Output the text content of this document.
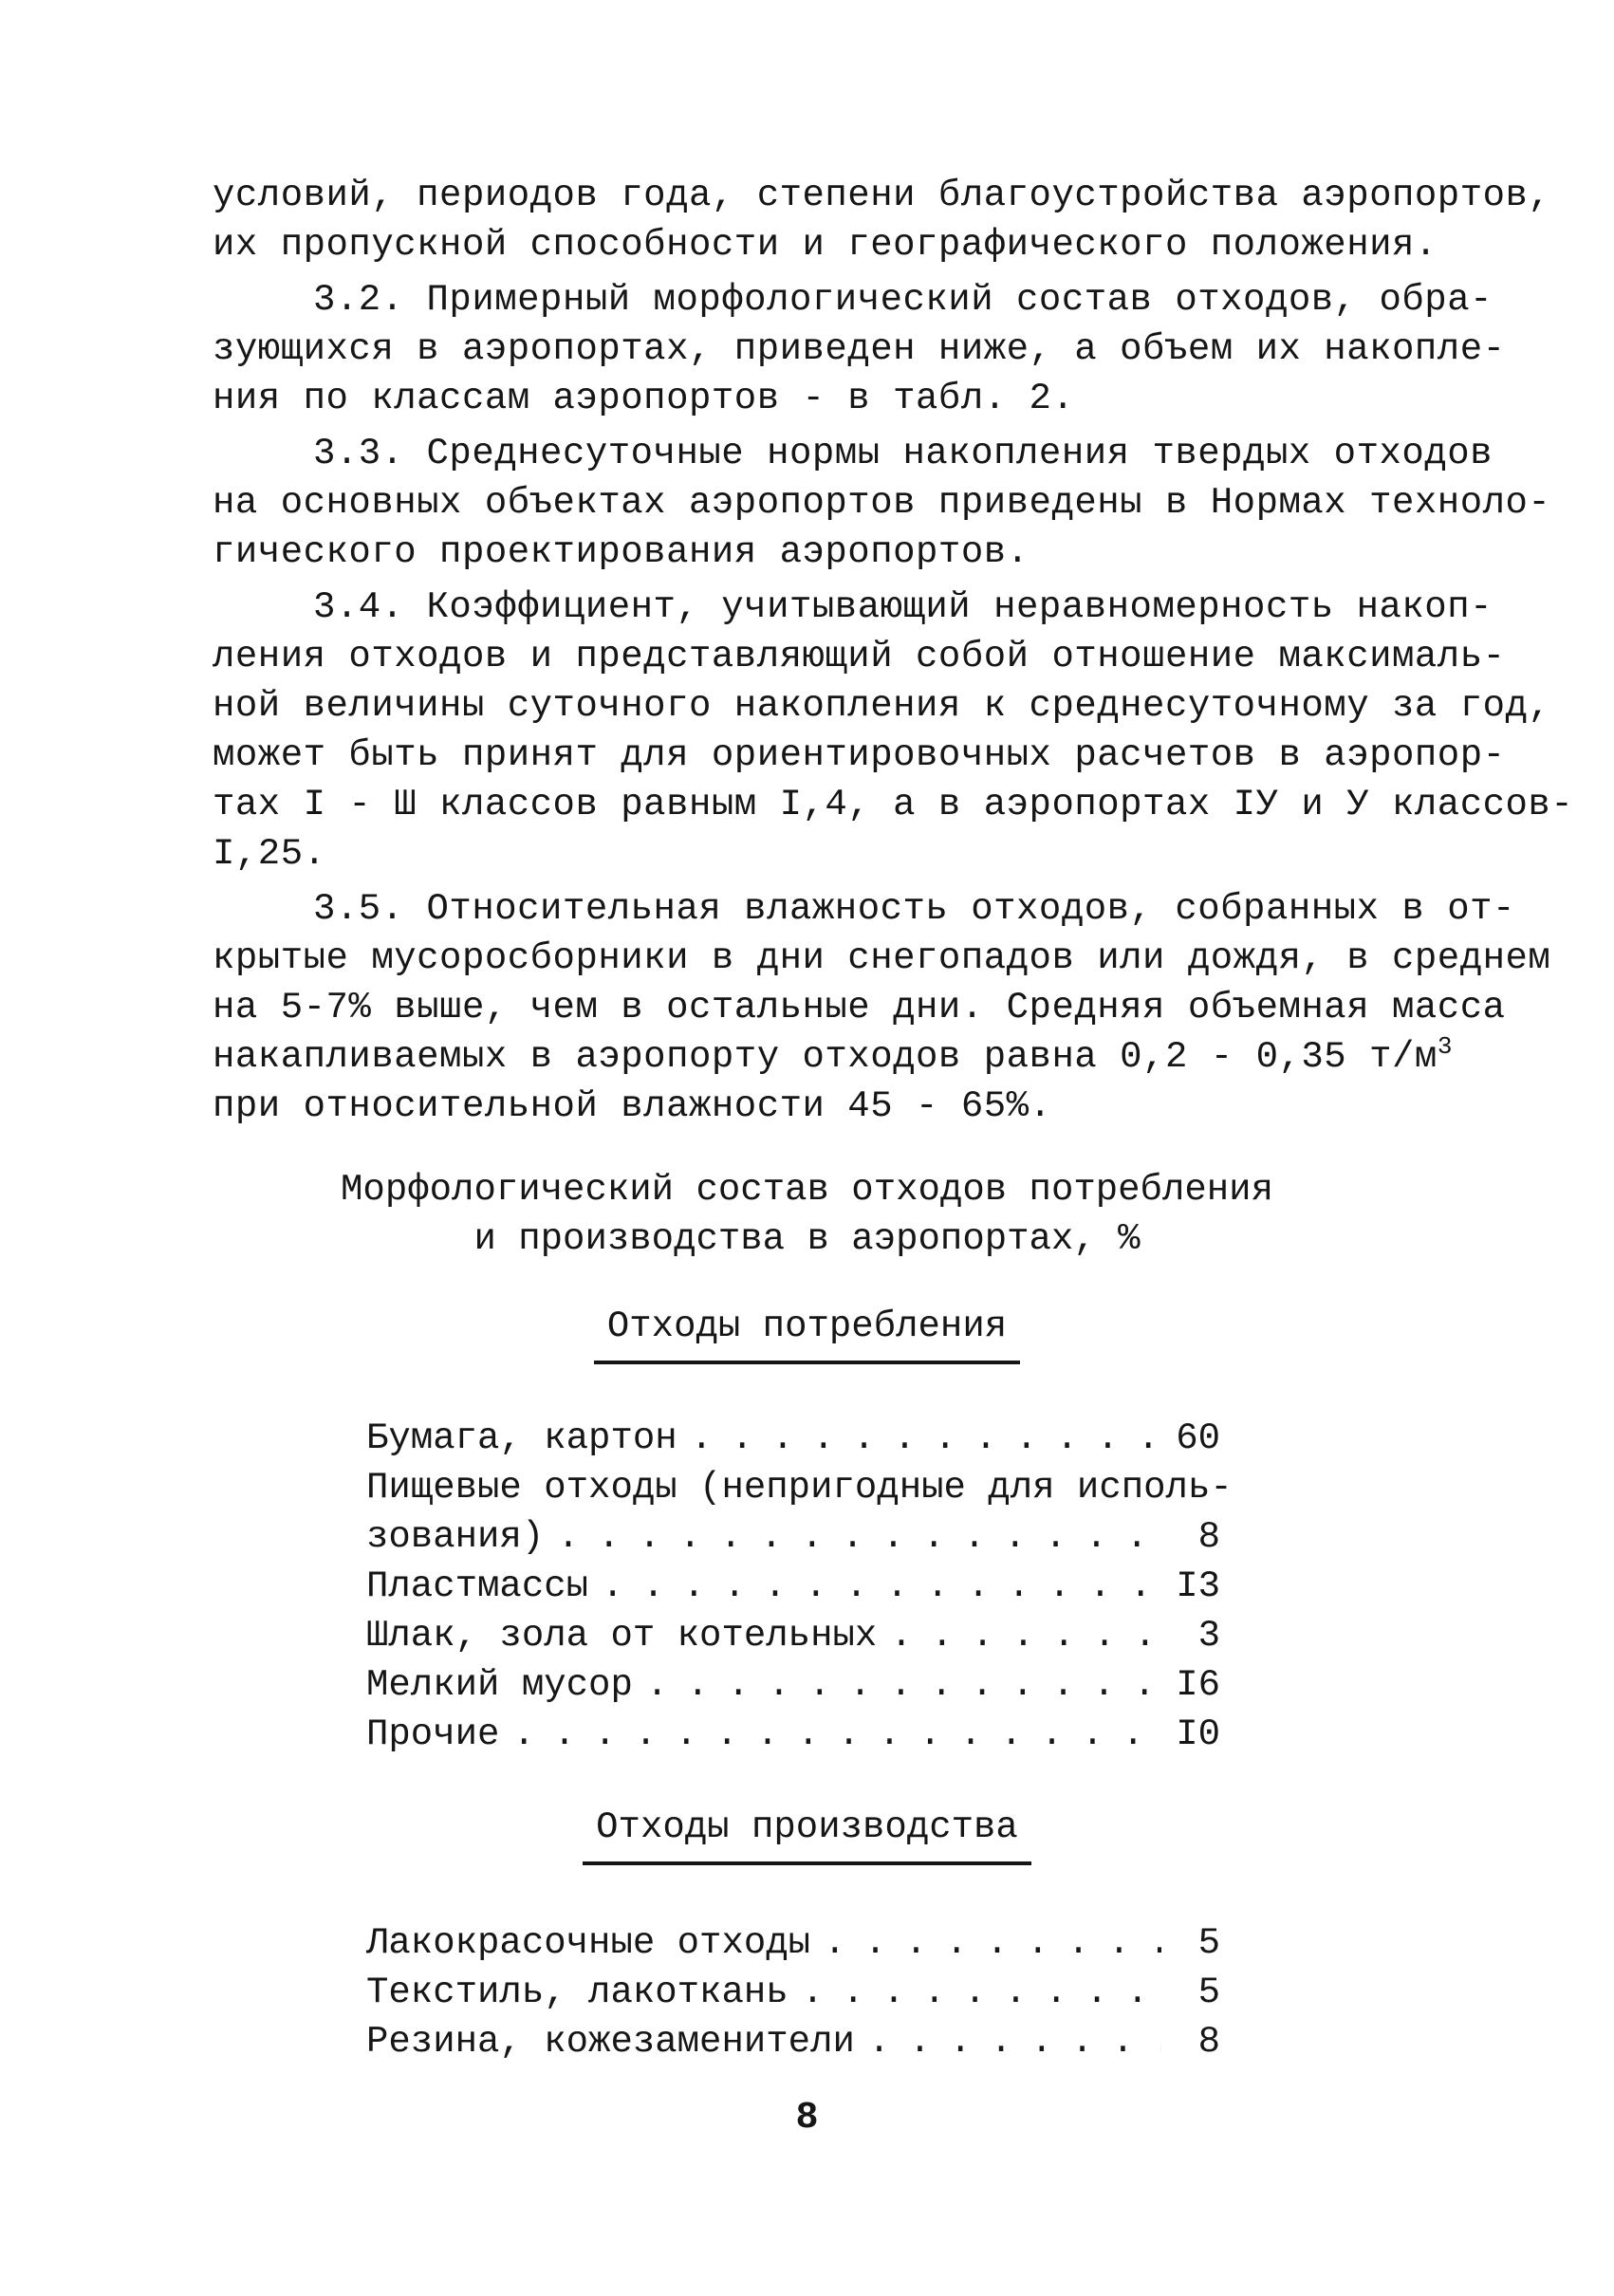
условий, периодов года, степени благоустройства аэропортов,
их пропускной способности и географического положения.
3.2. Примерный морфологический состав отходов, обра-
зующихся в аэропортах, приведен ниже, а объем их накопле-
ния по классам аэропортов - в табл. 2.
3.3. Среднесуточные нормы накопления твердых отходов
на основных объектах аэропортов приведены в Нормах техноло-
гического проектирования аэропортов.
3.4. Коэффициент, учитывающий неравномерность накоп-
ления отходов и представляющий собой отношение максималь-
ной величины суточного накопления к среднесуточному за год,
может быть принят для ориентировочных расчетов в аэропор-
тах I - Ш классов равным I,4, а в аэропортах IУ и У классов-
I,25.
3.5. Относительная влажность отходов, собранных в от-
крытые мусоросборники в дни снегопадов или дождя, в среднем
на 5-7% выше, чем в остальные дни. Средняя объемная масса
накапливаемых в аэропорту отходов равна 0,2 - 0,35 $т/м^3$
при относительной влажности 45 - 65%.
Морфологический состав отходов потребления
и производства в аэропортах, %
Отходы потребления
Бумага, картон . . .	60
Пищевые отходы (непригодные для исполь-
зования) . . .	8
Пластмассы . . .	I3
Шлак, зола от котельных . . .	3
Мелкий мусор . . .	I6
Прочие . . .	I0
Отходы производства
Лакокрасочные отходы . . .	5
Текстиль, лакоткань . . .	5
Резина, кожезаменители . . .	8
8
